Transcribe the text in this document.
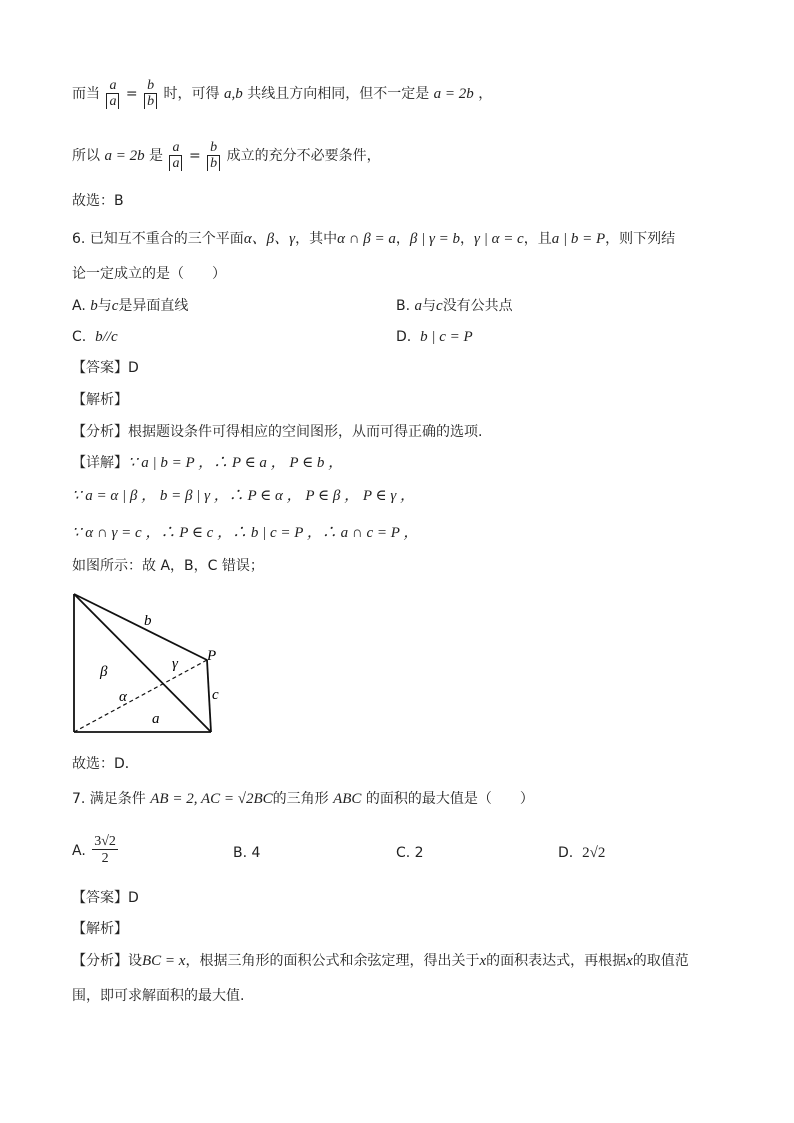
而当 $\frac{a}{a} = \frac{b}{b}$ 时，可得 a,b 共线且方向相同，但不一定是 a = 2b ，
所以 a = 2b 是 $\frac{a}{a} = \frac{b}{b}$ 成立的充分不必要条件，
故选：B
6. 已知互不重合的三个平面α、β、γ，其中α ∩ β = a，β | γ = b，γ | α = c，且a | b = P，则下列结
论一定成立的是（　　）
A. b与c是异面直线	B. a与c没有公共点
C. b//c	D. b | c = P
【答案】D
【解析】
【分析】根据题设条件可得相应的空间图形，从而可得正确的选项.
【详解】∵ a | b = P ，∴ P ∈ a ， P ∈ b ，
∵ a = α | β ， b = β | γ ，∴ P ∈ α ， P ∈ β ， P ∈ γ ，
∵ α ∩ γ = c ，∴ P ∈ c ，∴ b | c = P ，∴ a ∩ c = P ，
如图所示：故 A，B，C 错误；
b
P
γ
β
α	c
a
故选：D．
7. 满足条件 AB = 2, AC = √2BC的三角形 ABC 的面积的最大值是（　　）
A. $\frac{3√2}{2}$	B. 4	C. 2	D. 2√2
【答案】D
【解析】
【分析】设BC = x，根据三角形的面积公式和余弦定理，得出关于x的面积表达式，再根据x的取值范
围，即可求解面积的最大值.
